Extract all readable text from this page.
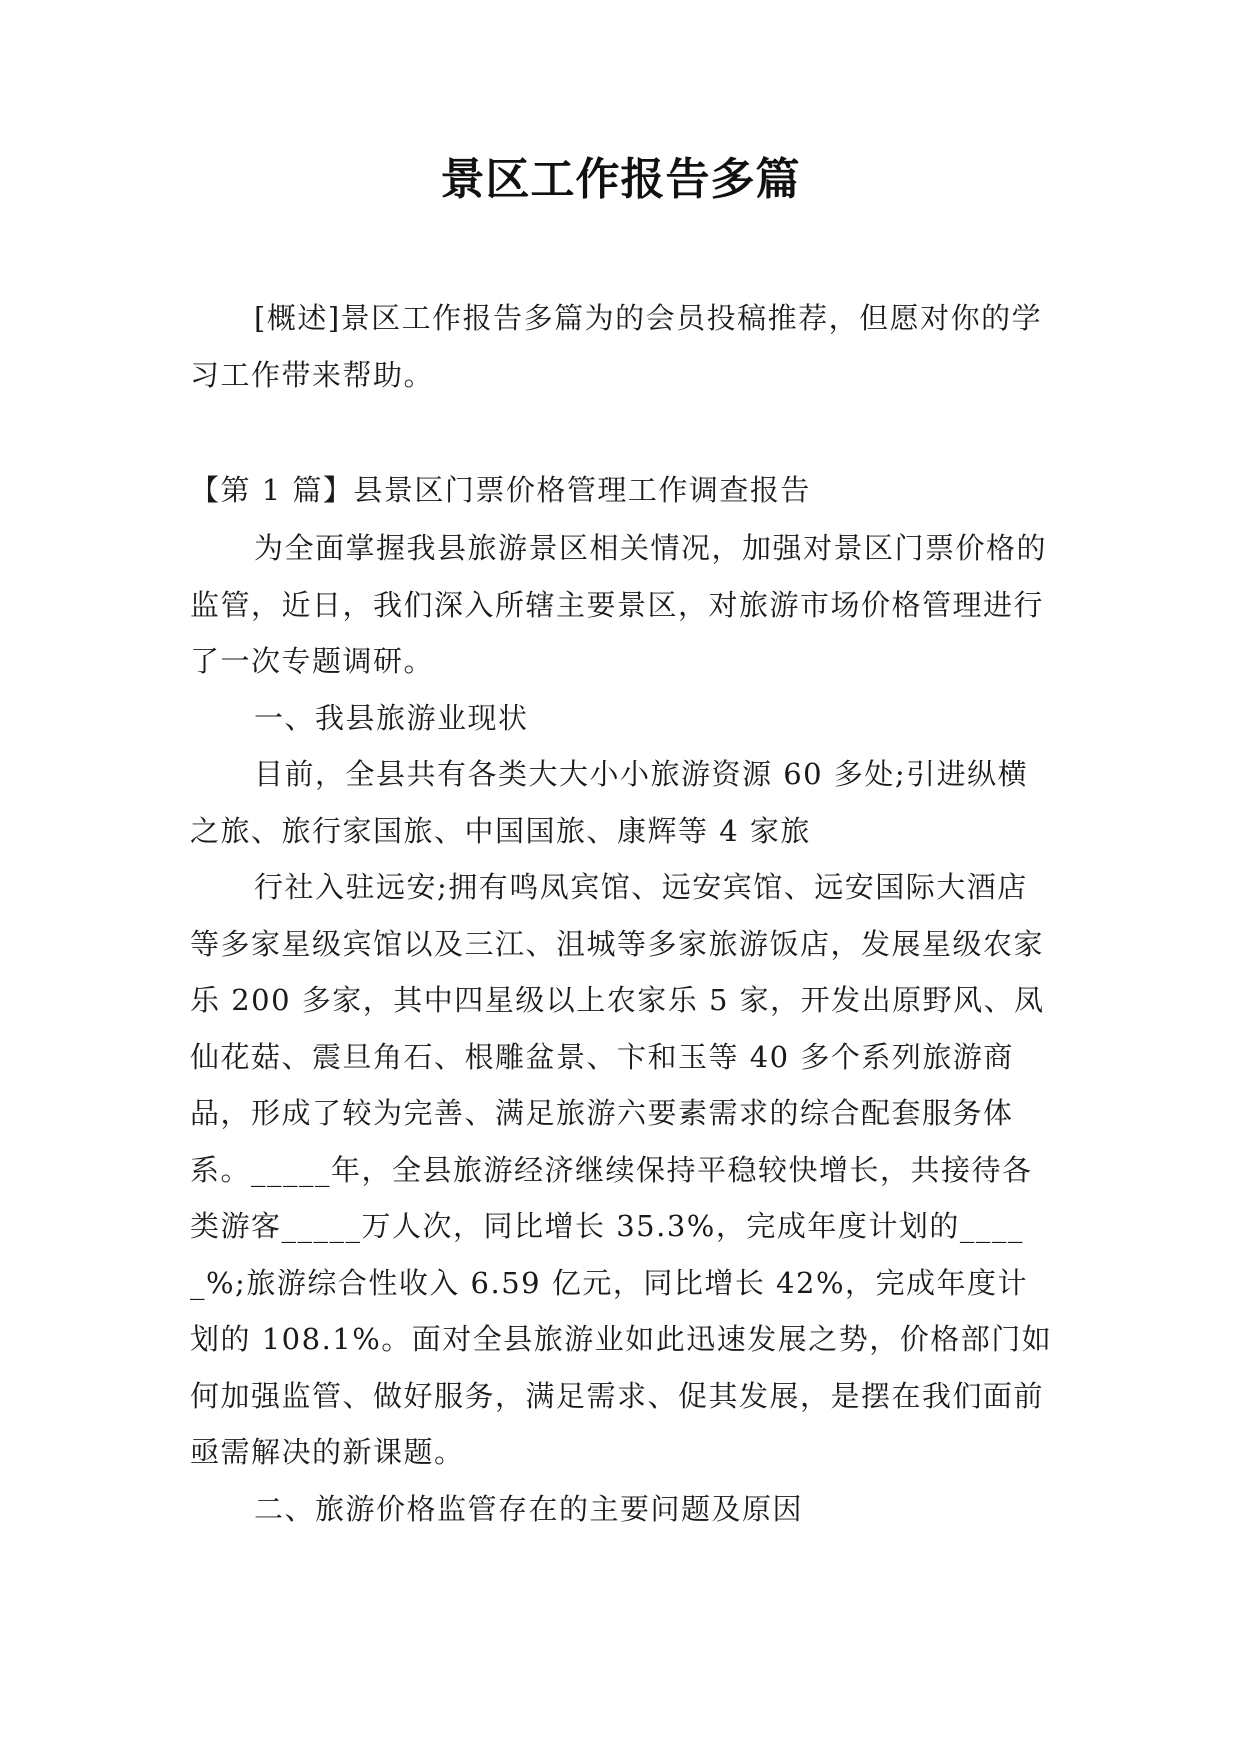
景区工作报告多篇

[概述]景区工作报告多篇为的会员投稿推荐，但愿对你的学习工作带来帮助。

【第 1 篇】县景区门票价格管理工作调查报告

为全面掌握我县旅游景区相关情况，加强对景区门票价格的监管，近日，我们深入所辖主要景区，对旅游市场价格管理进行了一次专题调研。

一、我县旅游业现状

目前，全县共有各类大大小小旅游资源 60 多处;引进纵横之旅、旅行家国旅、中国国旅、康辉等 4 家旅

行社入驻远安;拥有鸣凤宾馆、远安宾馆、远安国际大酒店等多家星级宾馆以及三江、沮城等多家旅游饭店，发展星级农家乐 200 多家，其中四星级以上农家乐 5 家，开发出原野风、凤仙花菇、震旦角石、根雕盆景、卞和玉等 40 多个系列旅游商品，形成了较为完善、满足旅游六要素需求的综合配套服务体系。_____年，全县旅游经济继续保持平稳较快增长，共接待各类游客_____万人次，同比增长 35.3%，完成年度计划的_____%;旅游综合性收入 6.59 亿元，同比增长 42%，完成年度计划的 108.1%。面对全县旅游业如此迅速发展之势，价格部门如何加强监管、做好服务，满足需求、促其发展，是摆在我们面前亟需解决的新课题。

二、旅游价格监管存在的主要问题及原因
